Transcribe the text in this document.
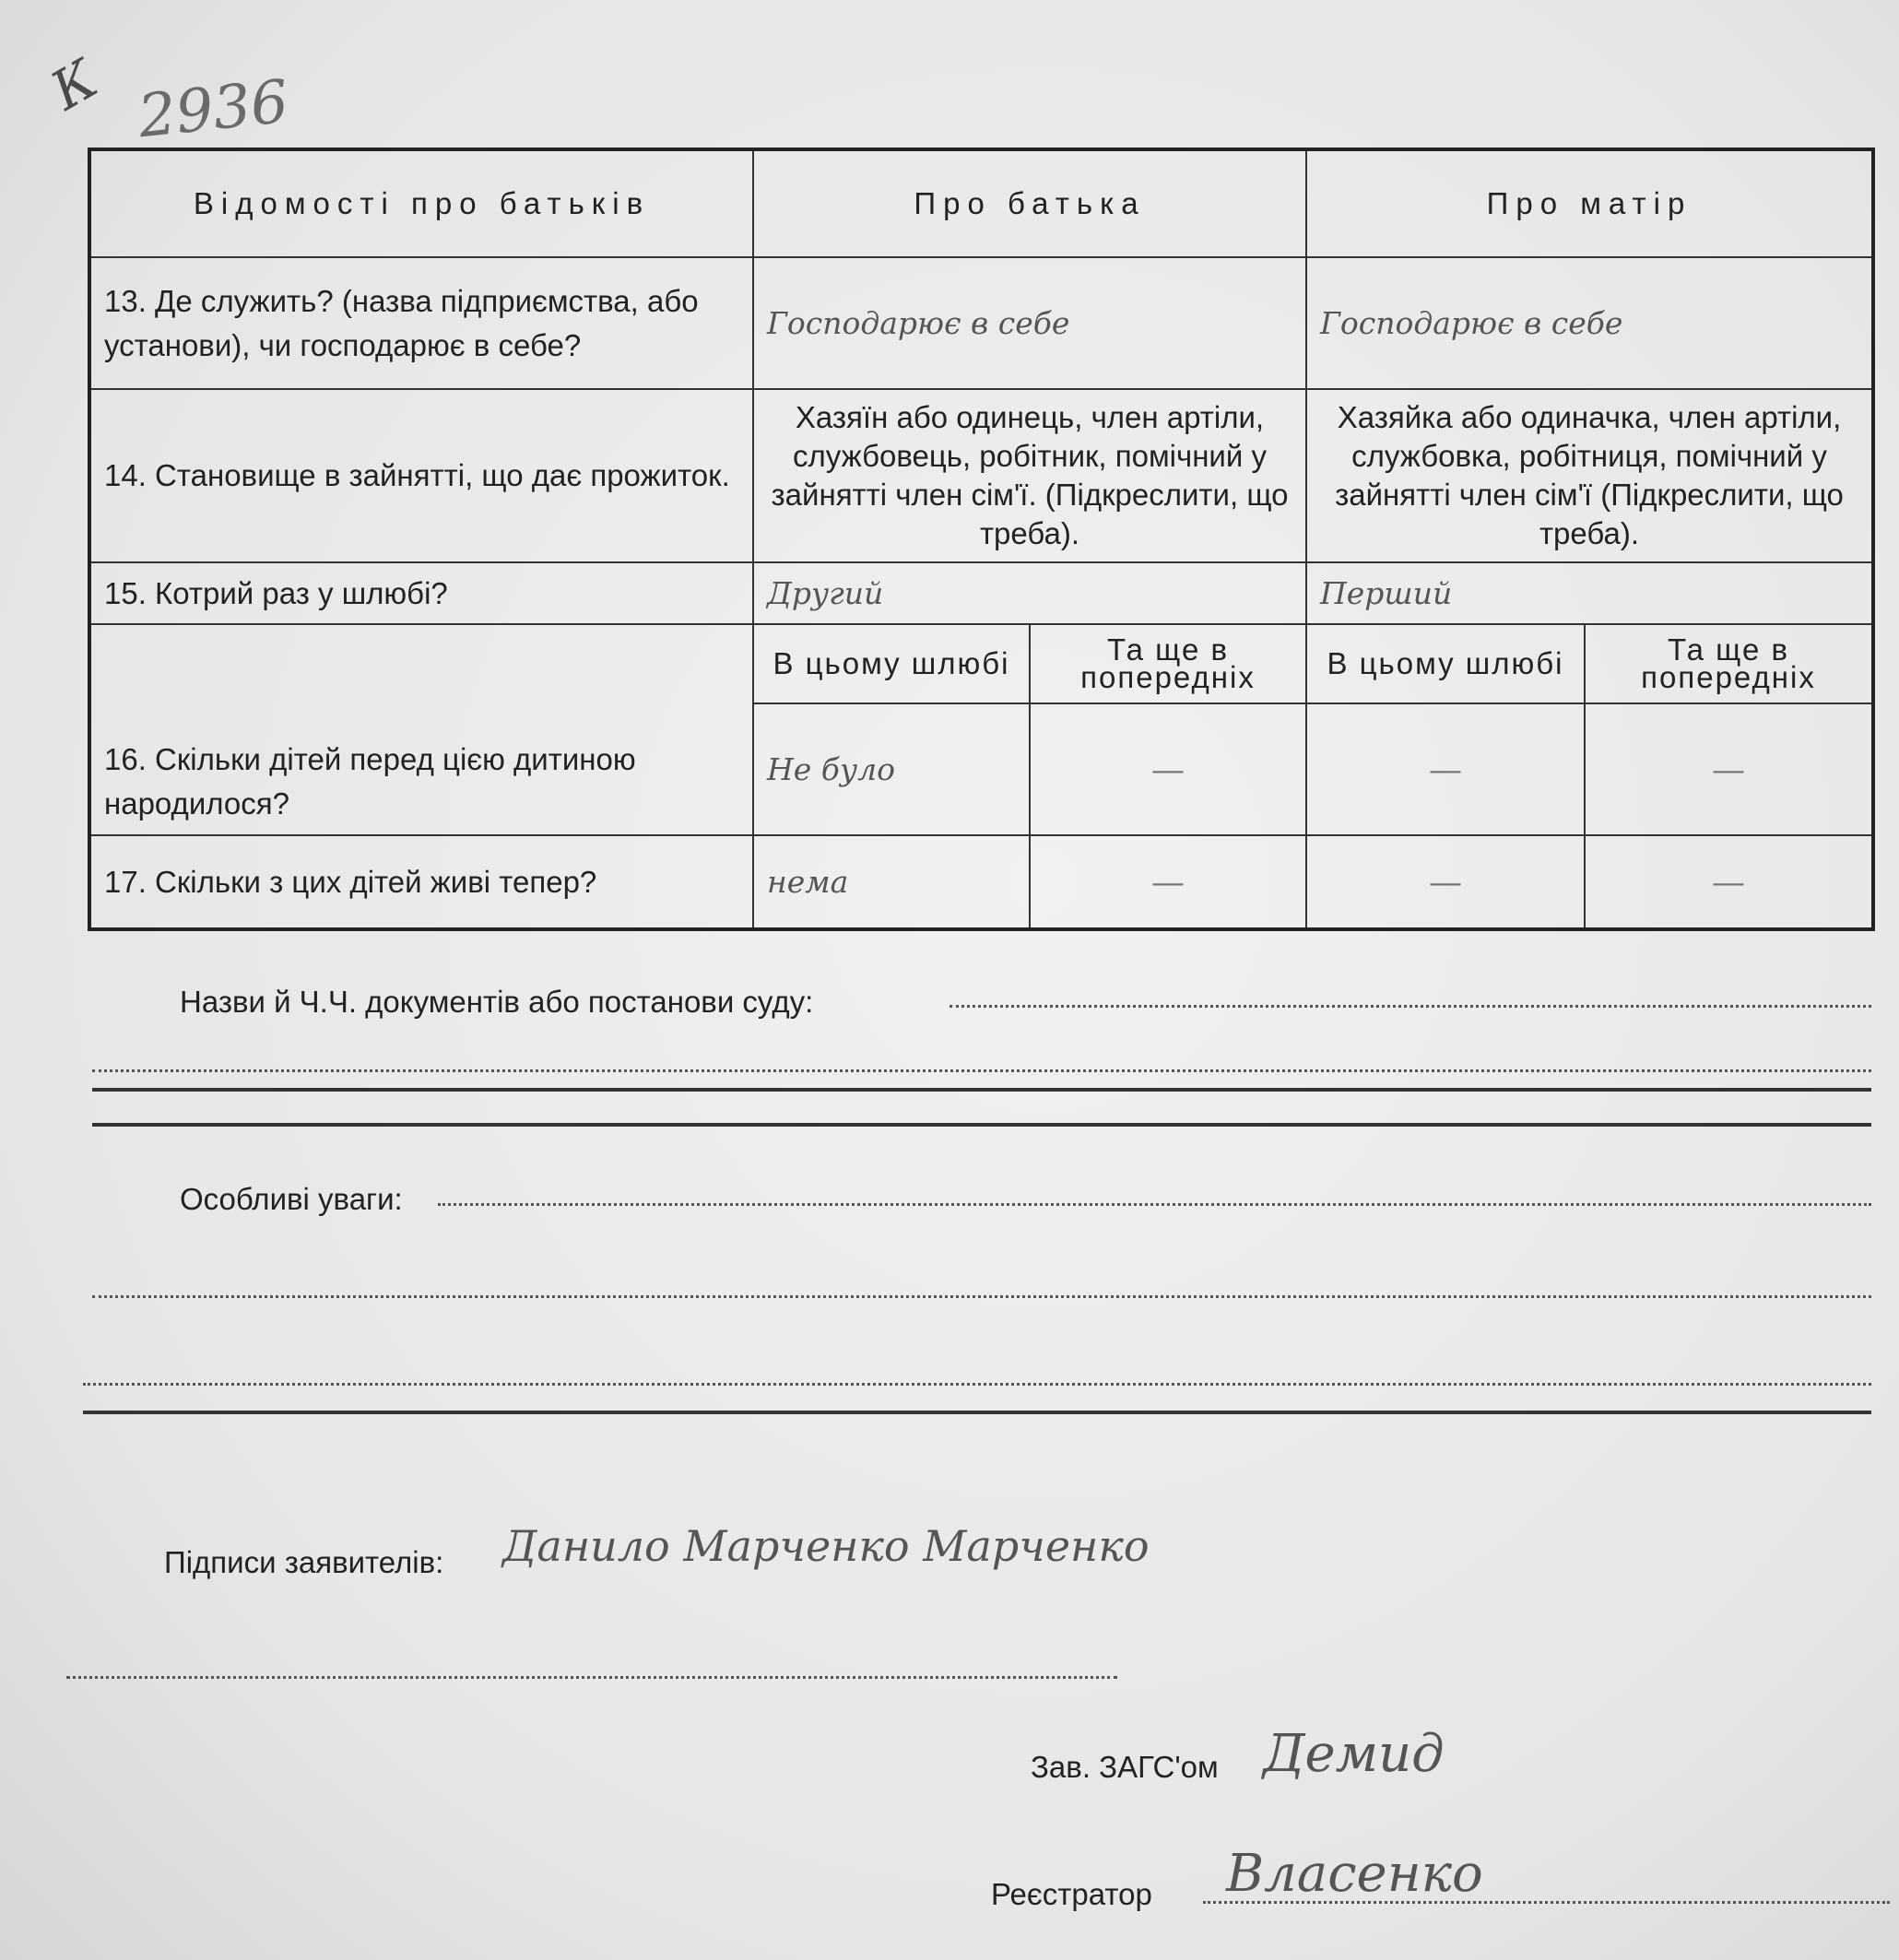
К 2936
Відомості про батьків	Про батька		Про матір	
13. Де служить? (назва підприємства, або установи), чи господарює в себе?	Господарює в себе		Господарює в себе	
14. Становище в зайнятті, що дає прожиток.	Хазяїн або одинець, член артіли, службовець, робітник, помічний у зайнятті член сім'ї. (Підкреслити, що треба).		Хазяйка або одиначка, член артіли, службовка, робітниця, помічний у зайнятті член сім'ї (Підкреслити, що треба).	
15. Котрий раз у шлюбі?	Другий		Перший	
16. Скільки дітей перед цією дитиною народилося?	В цьому шлюбі	Та ще в попередніх	В цьому шлюбі	Та ще в попередніх
	Не було	—	—	—
17. Скільки з цих дітей живі тепер?	нема	—	—	—
Назви й Ч.Ч. документів або постанови суду:
Особливі уваги:
Підписи заявителів: Данило Марченко Марченко
Зав. ЗАГС'ом Демид
Реєстратор Власенко
